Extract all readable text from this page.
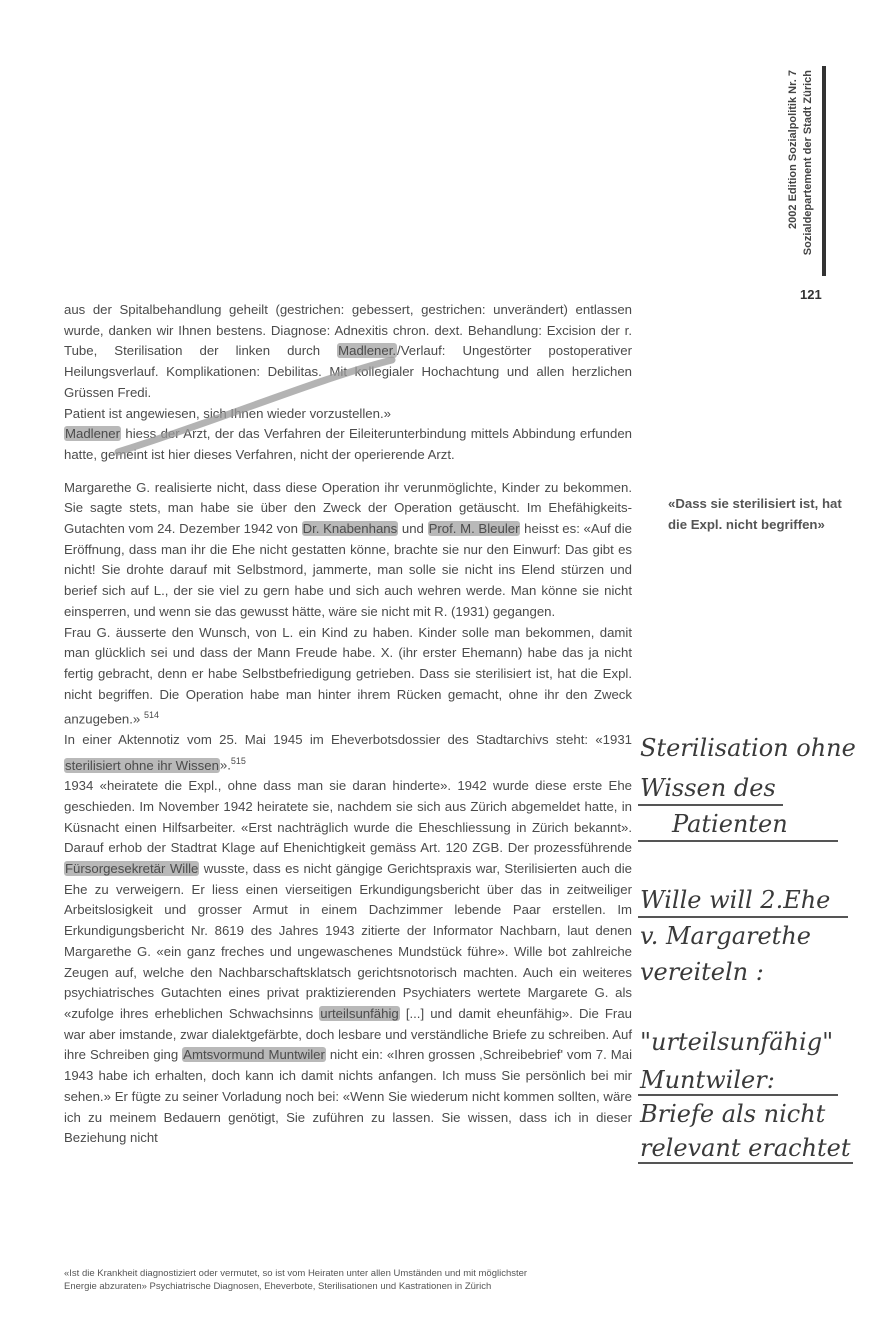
2002 Edition Sozialpolitik Nr. 7 Sozialdepartement der Stadt Zürich
121

aus der Spitalbehandlung geheilt (gestrichen: gebessert, gestrichen: unverändert) entlassen wurde, danken wir Ihnen bestens. Diagnose: Adnexitis chron. dext. Behandlung: Excision der r. Tube, Sterilisation der linken durch Madlener./Verlauf: Ungestörter postoperativer Heilungsverlauf. Komplikationen: Debilitas. Mit kollegialer Hochachtung und allen herzlichen Grüssen Fredi.

Patient ist angewiesen, sich Ihnen wieder vorzustellen.»

Madlener hiess der Arzt, der das Verfahren der Eileiterunterbindung mittels Abbindung erfunden hatte, gemeint ist hier dieses Verfahren, nicht der operierende Arzt.

Margarethe G. realisierte nicht, dass diese Operation ihr verunmöglichte, Kinder zu bekommen. Sie sagte stets, man habe sie über den Zweck der Operation getäuscht. Im Ehefähigkeits-Gutachten vom 24. Dezember 1942 von Dr. Knabenhans und Prof. M. Bleuler heisst es: «Auf die Eröffnung, dass man ihr die Ehe nicht gestatten könne, brachte sie nur den Einwurf: Das gibt es nicht! Sie drohte darauf mit Selbstmord, jammerte, man solle sie nicht ins Elend stürzen und berief sich auf L., der sie viel zu gern habe und sich auch wehren werde. Man könne sie nicht einsperren, und wenn sie das gewusst hätte, wäre sie nicht mit R. (1931) gegangen.

Frau G. äusserte den Wunsch, von L. ein Kind zu haben. Kinder solle man bekommen, damit man glücklich sei und dass der Mann Freude habe. X. (ihr erster Ehemann) habe das ja nicht fertig gebracht, denn er habe Selbstbefriedigung getrieben. Dass sie sterilisiert ist, hat die Expl. nicht begriffen. Die Operation habe man hinter ihrem Rücken gemacht, ohne ihr den Zweck anzugeben.» $^{514}$

In einer Aktennotiz vom 25. Mai 1945 im Eheverbotsdossier des Stadtarchivs steht: «1931 sterilisiert ohne ihr Wissen».$^{515}$

1934 «heiratete die Expl., ohne dass man sie daran hinderte». 1942 wurde diese erste Ehe geschieden. Im November 1942 heiratete sie, nachdem sie sich aus Zürich abgemeldet hatte, in Küsnacht einen Hilfsarbeiter. «Erst nachträglich wurde die Eheschliessung in Zürich bekannt». Darauf erhob der Stadtrat Klage auf Ehenichtigkeit gemäss Art. 120 ZGB. Der prozessführende Fürsorgesekretär Wille wusste, dass es nicht gängige Gerichtspraxis war, Sterilisierten auch die Ehe zu verweigern. Er liess einen vierseitigen Erkundigungsbericht über das in zeitweiliger Arbeitslosigkeit und grosser Armut in einem Dachzimmer lebende Paar erstellen. Im Erkundigungsbericht Nr. 8619 des Jahres 1943 zitierte der Informator Nachbarn, laut denen Margarethe G. «ein ganz freches und ungewaschenes Mundstück führe». Wille bot zahlreiche Zeugen auf, welche den Nachbarschaftsklatsch gerichtsnotorisch machten. Auch ein weiteres psychiatrisches Gutachten eines privat praktizierenden Psychiaters wertete Margarete G. als «zufolge ihres erheblichen Schwachsinns urteilsunfähig [...] und damit eheunfähig». Die Frau war aber imstande, zwar dialektgefärbte, doch lesbare und verständliche Briefe zu schreiben. Auf ihre Schreiben ging Amtsvormund Muntwiler nicht ein: «Ihren grossen ,Schreibebrief' vom 7. Mai 1943 habe ich erhalten, doch kann ich damit nichts anfangen. Ich muss Sie persönlich bei mir sehen.» Er fügte zu seiner Vorladung noch bei: «Wenn Sie wiederum nicht kommen sollten, wäre ich zu meinem Bedauern genötigt, Sie zuführen zu lassen. Sie wissen, dass ich in dieser Beziehung nicht

«Dass sie sterilisiert ist, hat die Expl. nicht begriffen»
Sterilisation ohne
Wissen des
Patienten
Wille will 2.Ehe
v. Margarethe
vereiteln :
"urteilsunfähig"
Muntwiler:
Briefe als nicht
relevant erachtet
«Ist die Krankheit diagnostiziert oder vermutet, so ist vom Heiraten unter allen Umständen und mit möglichster
Energie abzuraten» Psychiatrische Diagnosen, Eheverbote, Sterilisationen und Kastrationen in Zürich
